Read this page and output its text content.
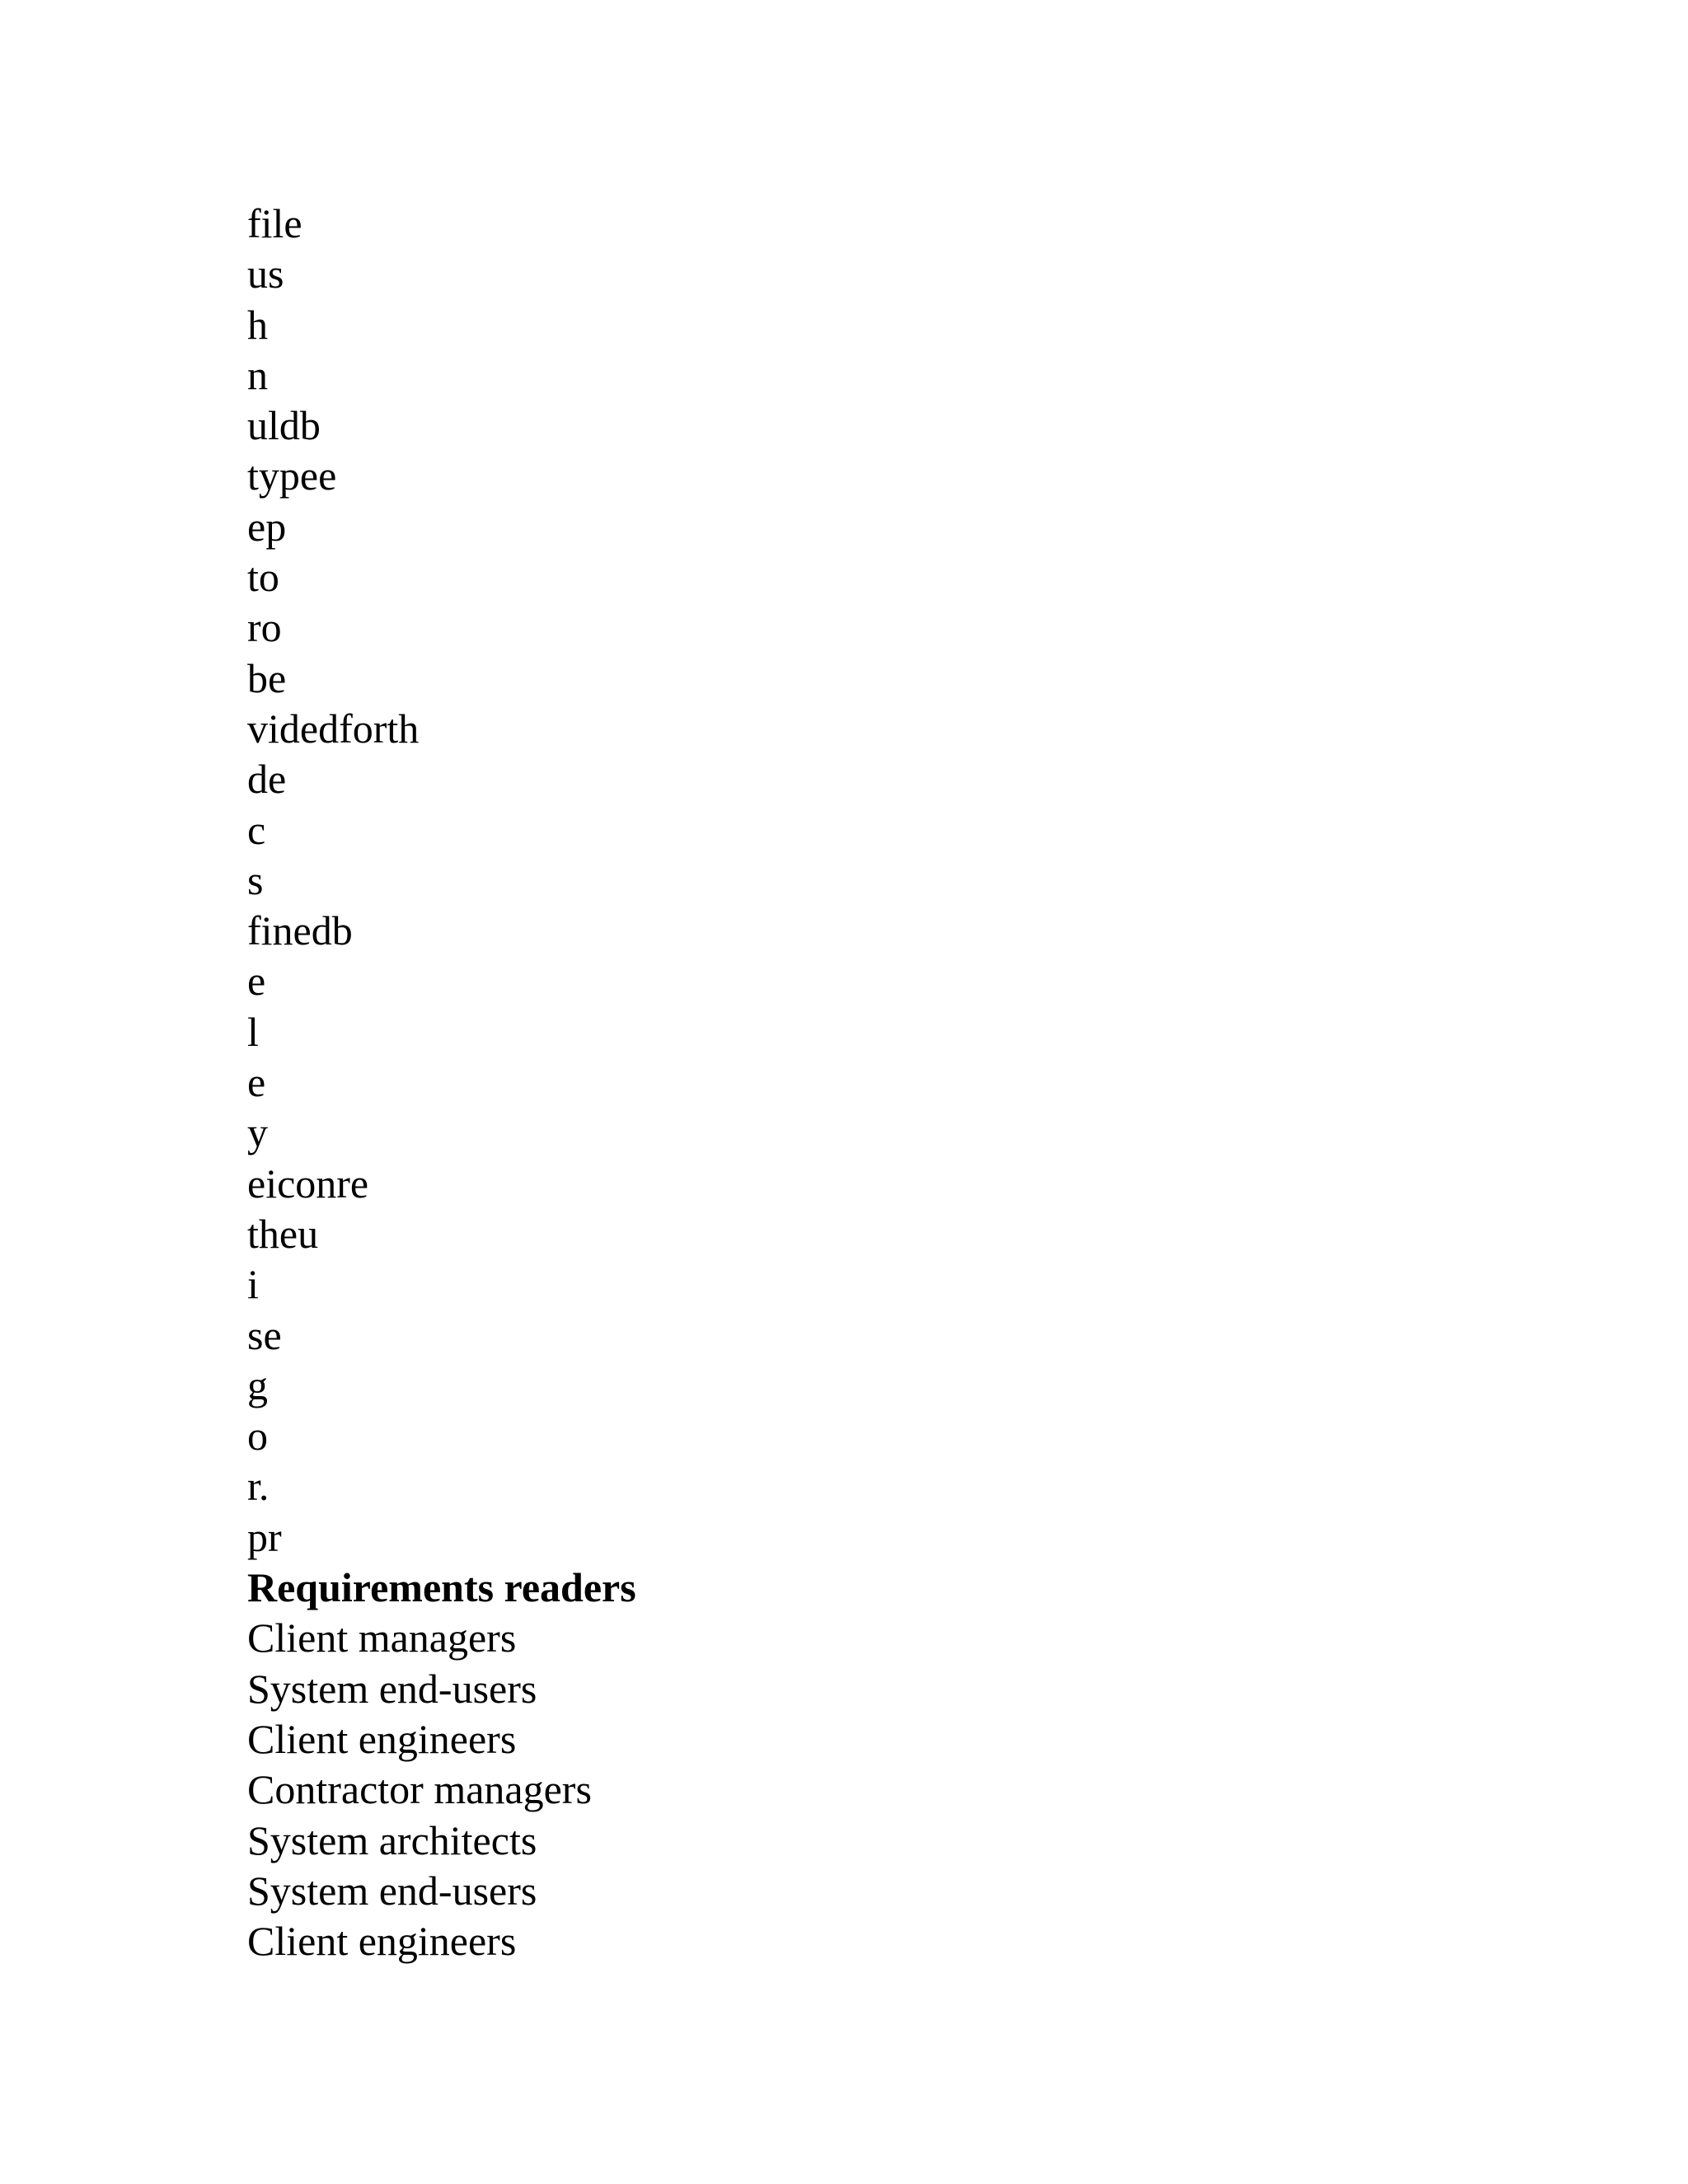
file
us
h
n
uldb
typee
ep
to
ro
be
videdforth
de
c
s
finedb
e
l
e
y
eiconre
theu
i
se
g
o
r.
pr
Requirements readers
Client managers
System end-users
Client engineers
Contractor managers
System architects
System end-users
Client engineers
